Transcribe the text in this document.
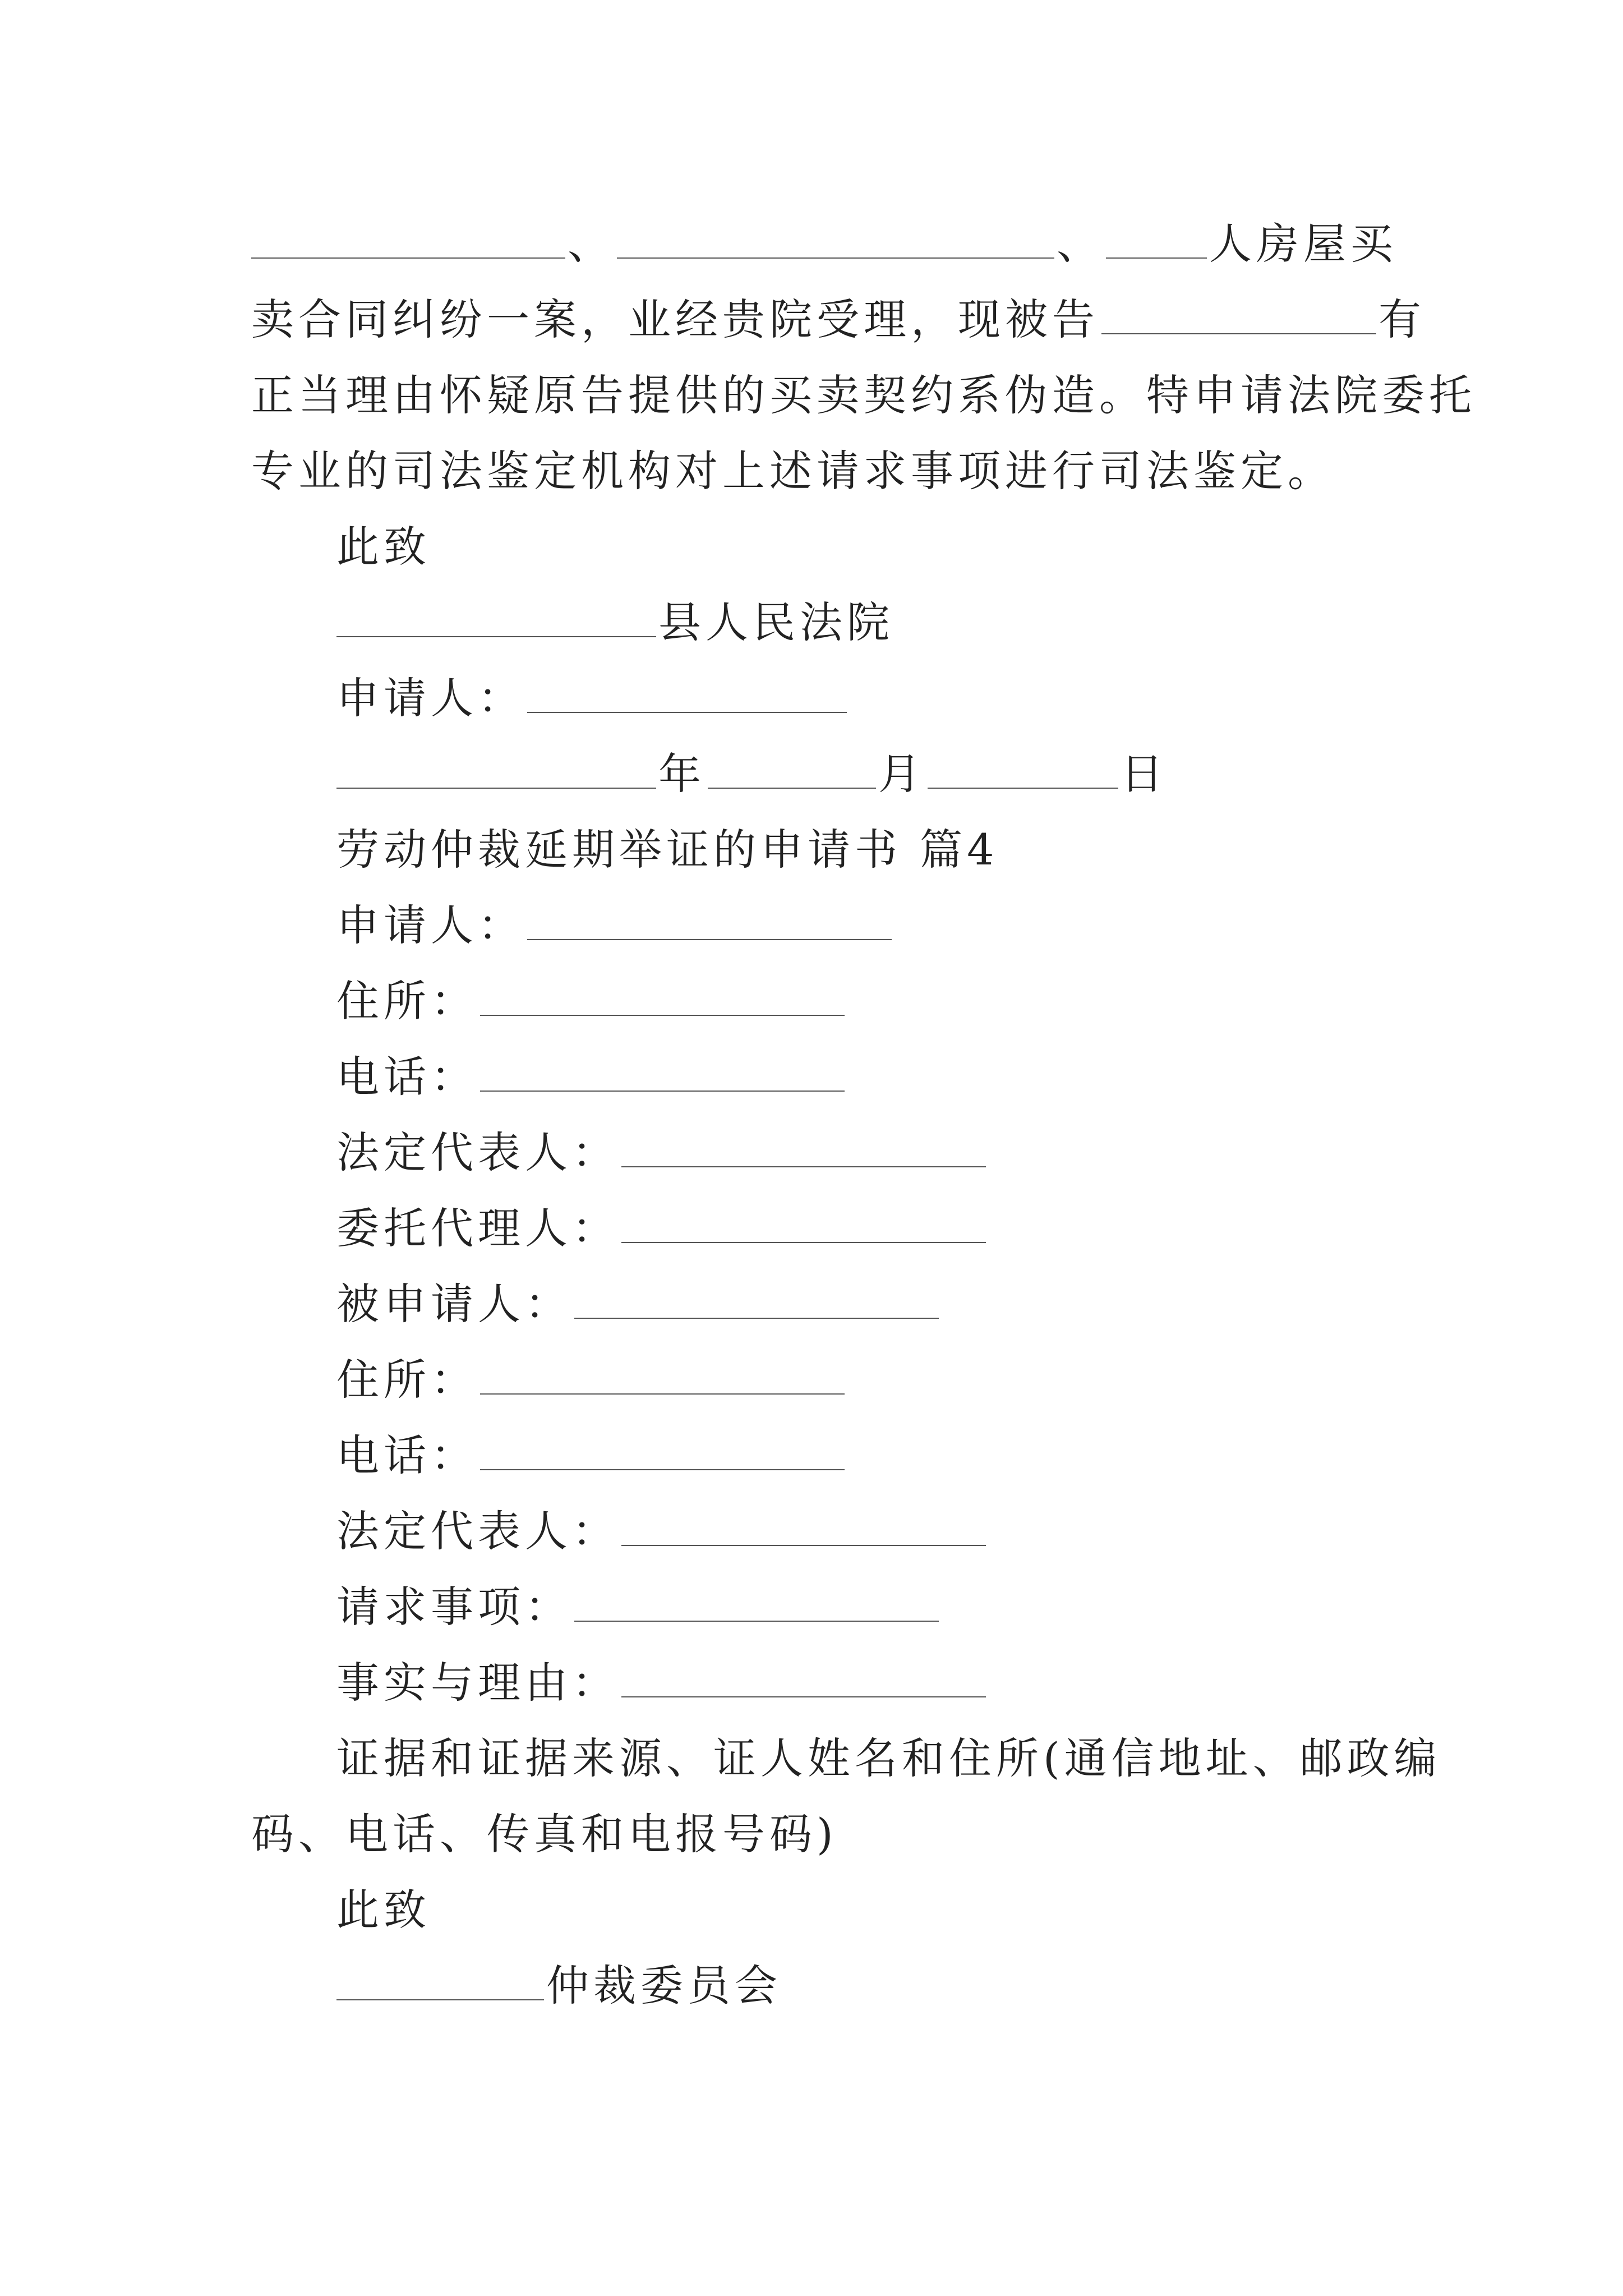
、	、 人房屋买
卖合同纠纷一案，业经贵院受理，现被告	有
正当理由怀疑原告提供的买卖契约系伪造。特申请法院委托
专业的司法鉴定机构对上述请求事项进行司法鉴定。
此致
县人民法院
申请人：
年	月	日
劳动仲裁延期举证的申请书 篇4
申请人：
住所：
电话：
法定代表人：
委托代理人：
被申请人：
住所：
电话：
法定代表人：
请求事项：
事实与理由：
证据和证据来源、证人姓名和住所(通信地址、邮政编
码、电话、传真和电报号码)
此致
仲裁委员会
